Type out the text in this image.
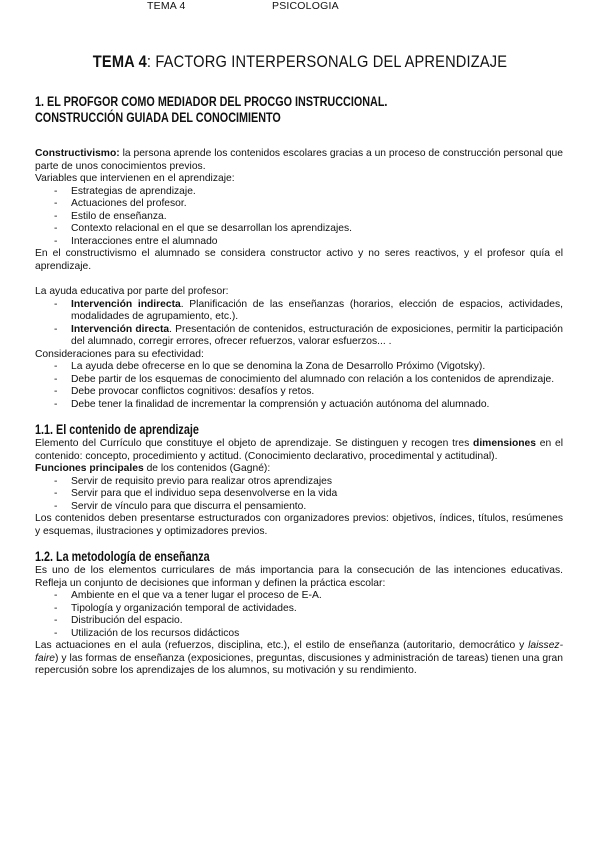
TEMA 4	PSICOLOGIA
TEMA 4: FACTORG INTERPERSONALG DEL APRENDIZAJE
1. EL PROFGOR COMO MEDIADOR DEL PROCGO INSTRUCCIONAL.
CONSTRUCCIÓN GUIADA DEL CONOCIMIENTO

Constructivismo: la persona aprende los contenidos escolares gracias a un proceso de construcción personal que parte de unos conocimientos previos.

Variables que intervienen en el aprendizaje:

- Estrategias de aprendizaje.
- Actuaciones del profesor.
- Estilo de enseñanza.
- Contexto relacional en el que se desarrollan los aprendizajes.
- Interacciones entre el alumnado

En el constructivismo el alumnado se considera constructor activo y no seres reactivos, y el profesor quía el aprendizaje.

La ayuda educativa por parte del profesor:

- Intervención indirecta. Planificación de las enseñanzas (horarios, elección de espacios, actividades, modalidades de agrupamiento, etc.).
- Intervención directa. Presentación de contenidos, estructuración de exposiciones, permitir la participación del alumnado, corregir errores, ofrecer refuerzos, valorar esfuerzos... .

Consideraciones para su efectividad:

- La ayuda debe ofrecerse en lo que se denomina la Zona de Desarrollo Próximo (Vigotsky).
- Debe partir de los esquemas de conocimiento del alumnado con relación a los contenidos de aprendizaje.
- Debe provocar conflictos cognitivos: desafíos y retos.
- Debe tener la finalidad de incrementar la comprensión y actuación autónoma del alumnado.
1.1. El contenido de aprendizaje

Elemento del Currículo que constituye el objeto de aprendizaje. Se distinguen y recogen tres dimensiones en el contenido: concepto, procedimiento y actitud. (Conocimiento declarativo, procedimental y actitudinal).

Funciones principales de los contenidos (Gagné):

- Servir de requisito previo para realizar otros aprendizajes
- Servir para que el individuo sepa desenvolverse en la vida
- Servir de vínculo para que discurra el pensamiento.

Los contenidos deben presentarse estructurados con organizadores previos: objetivos, índices, títulos, resúmenes y esquemas, ilustraciones y optimizadores previos.

1.2. La metodología de enseñanza

Es uno de los elementos curriculares de más importancia para la consecución de las intenciones educativas. Refleja un conjunto de decisiones que informan y definen la práctica escolar:

- Ambiente en el que va a tener lugar el proceso de E-A.
- Tipología y organización temporal de actividades.
- Distribución del espacio.
- Utilización de los recursos didácticos

Las actuaciones en el aula (refuerzos, disciplina, etc.), el estilo de enseñanza (autoritario, democrático y laissez-faire) y las formas de enseñanza (exposiciones, preguntas, discusiones y administración de tareas) tienen una gran repercusión sobre los aprendizajes de los alumnos, su motivación y su rendimiento.
